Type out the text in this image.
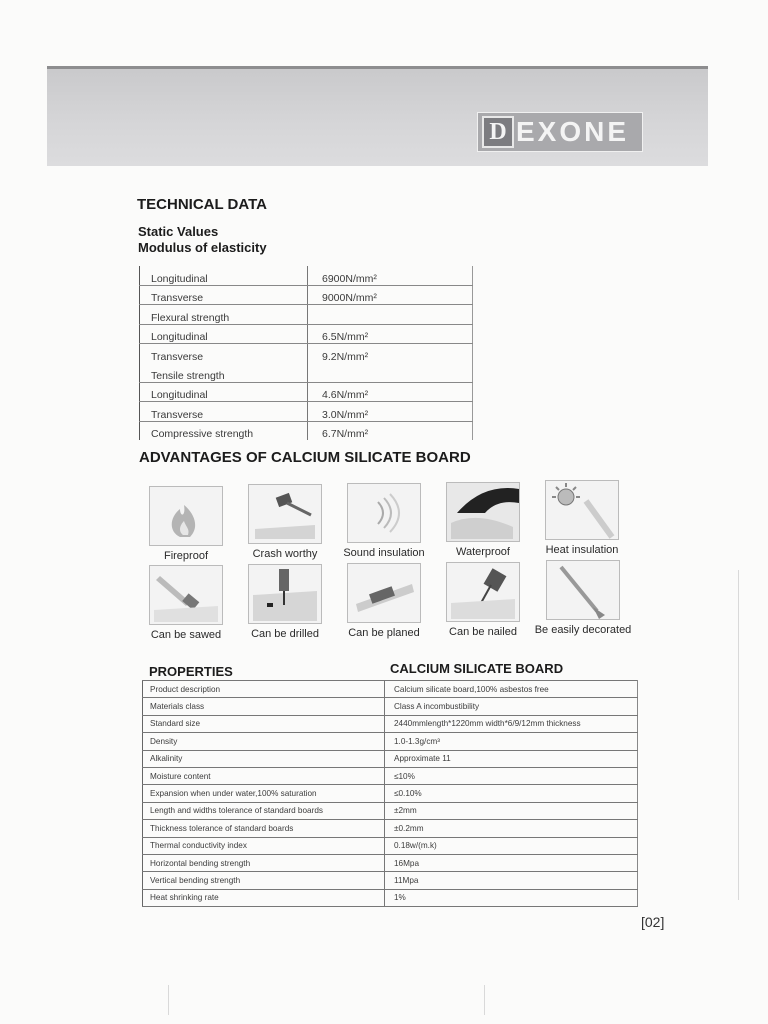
D EXONE
TECHNICAL DATA
Static Values
Modulus of elasticity
Longitudinal	6900N/mm²
Transverse	9000N/mm²
Flexural strength	
Longitudinal	6.5N/mm²
Transverse	9.2N/mm²
Tensile strength	
Longitudinal	4.6N/mm²
Transverse	3.0N/mm²
Compressive strength	6.7N/mm²
ADVANTAGES OF CALCIUM SILICATE BOARD
Fireproof	Crash worthy	Sound insulation	Waterproof	Heat insulation
Can be sawed	Can be drilled	Can be planed	Can be nailed	Be easily decorated
PROPERTIES	CALCIUM SILICATE BOARD
Product description	Calcium silicate board,100% asbestos free
Materials class	Class A incombustibility
Standard size	2440mmlength*1220mm width*6/9/12mm thickness
Density	1.0-1.3g/cm³
Alkalinity	Approximate 11
Moisture content	≤10%
Expansion when under water,100% saturation	≤0.10%
Length and widths tolerance of standard boards	±2mm
Thickness tolerance of standard boards	±0.2mm
Thermal conductivity index	0.18w/(m.k)
Horizontal bending strength	16Mpa
Vertical bending strength	11Mpa
Heat shrinking rate	1%
[02]
